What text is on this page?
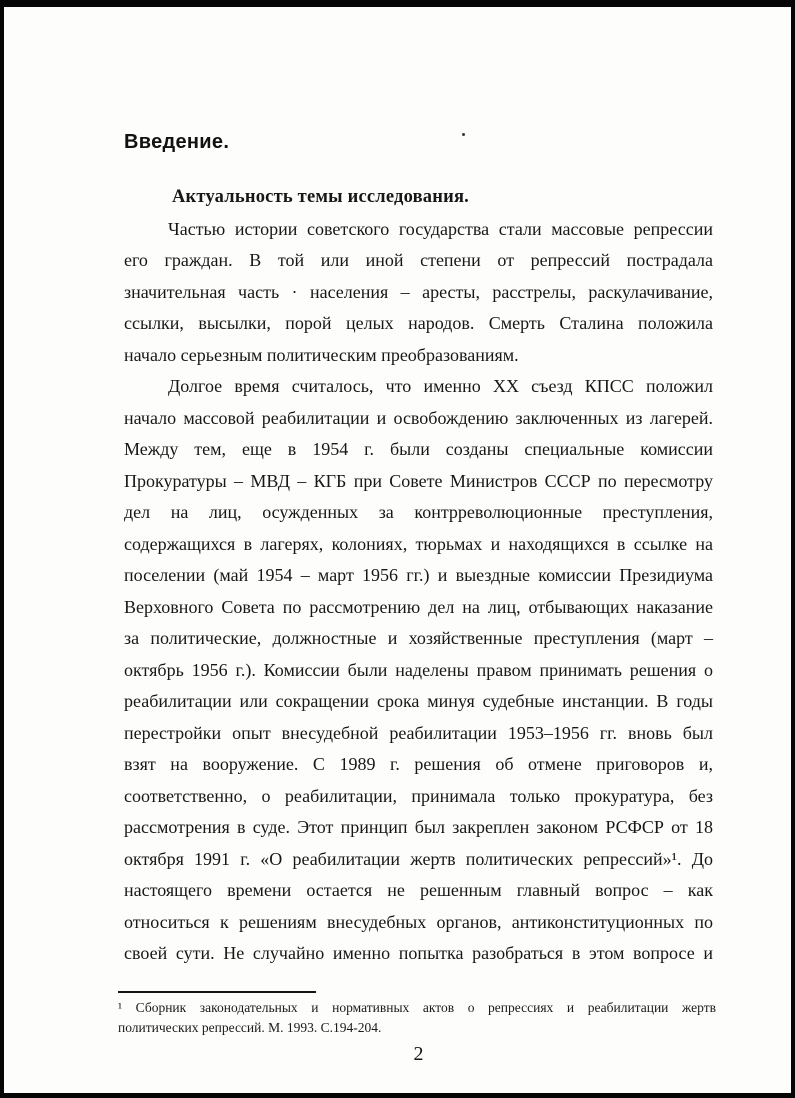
Введение.
Актуальность темы исследования.
Частью истории советского государства стали массовые репрессии
его граждан. В той или иной степени от репрессий пострадала
значительная часть · населения – аресты, расстрелы, раскулачивание,
ссылки, высылки, порой целых народов. Смерть Сталина положила
начало серьезным политическим преобразованиям.
Долгое время считалось, что именно XX съезд КПСС положил
начало массовой реабилитации и освобождению заключенных из лагерей.
Между тем, еще в 1954 г. были созданы специальные комиссии
Прокуратуры – МВД – КГБ при Совете Министров СССР по пересмотру
дел на лиц, осужденных за контрреволюционные преступления,
содержащихся в лагерях, колониях, тюрьмах и находящихся в ссылке на
поселении (май 1954 – март 1956 гг.) и выездные комиссии Президиума
Верховного Совета по рассмотрению дел на лиц, отбывающих наказание
за политические, должностные и хозяйственные преступления (март –
октябрь 1956 г.). Комиссии были наделены правом принимать решения о
реабилитации или сокращении срока минуя судебные инстанции. В годы
перестройки опыт внесудебной реабилитации 1953–1956 гг. вновь был
взят на вооружение. С 1989 г. решения об отмене приговоров и,
соответственно, о реабилитации, принимала только прокуратура, без
рассмотрения в суде. Этот принцип был закреплен законом РСФСР от 18
октября 1991 г. «О реабилитации жертв политических репрессий»¹. До
настоящего времени остается не решенным главный вопрос – как
относиться к решениям внесудебных органов, антиконституционных по
своей сути. Не случайно именно попытка разобраться в этом вопросе и
¹ Сборник законодательных и нормативных актов о репрессиях и реабилитации жертв
политических репрессий. М. 1993. С.194-204.
2
